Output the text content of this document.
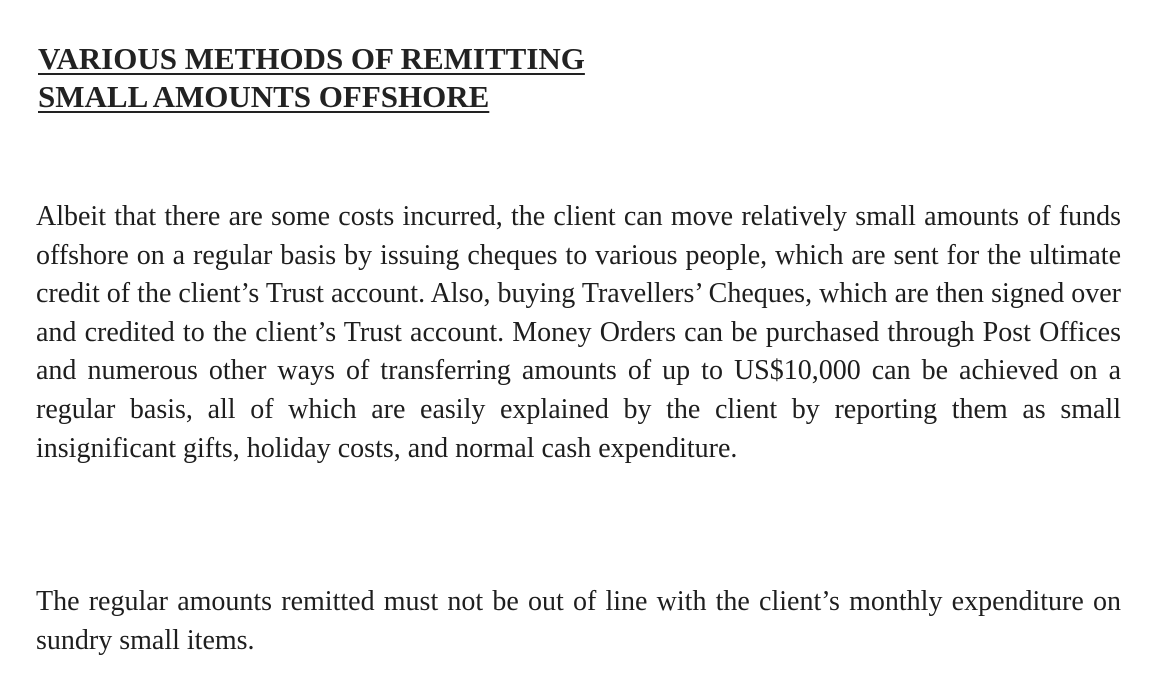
VARIOUS METHODS OF REMITTING
SMALL AMOUNTS OFFSHORE

Albeit that there are some costs incurred, the client can move relatively small amounts of funds offshore on a regular basis by issuing cheques to various people, which are sent for the ultimate credit of the client’s Trust account. Also, buying Travellers’ Cheques, which are then signed over and credited to the client’s Trust account. Money Orders can be purchased through Post Offices and numerous other ways of transferring amounts of up to US$10,000 can be achieved on a regular basis, all of which are easily explained by the client by reporting them as small insignificant gifts, holiday costs, and normal cash expenditure.

The regular amounts remitted must not be out of line with the client’s monthly expenditure on sundry small items.
